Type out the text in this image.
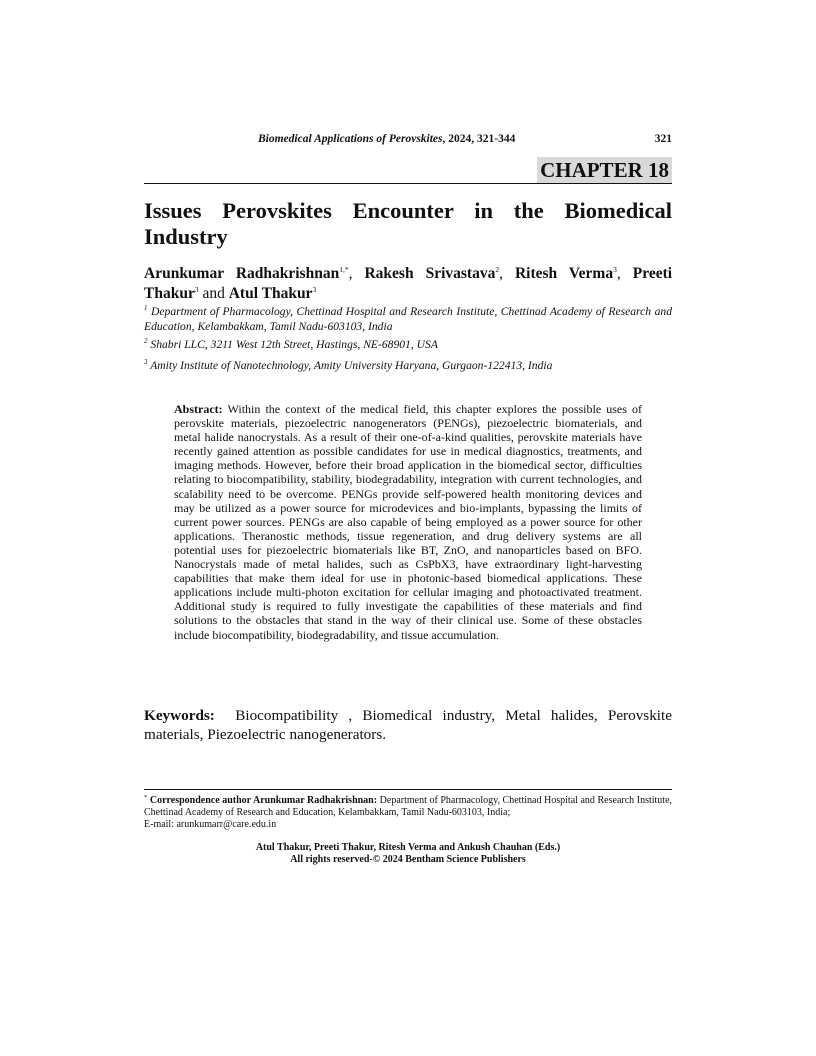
Biomedical Applications of Perovskites, 2024, 321-344	321
CHAPTER 18
Issues Perovskites Encounter in the Biomedical
Industry
Arunkumar Radhakrishnan$^{1,*}$, Rakesh Srivastava$^2$, Ritesh Verma$^3$, Preeti Thakur$^3$ and Atul Thakur$^3$
$^1$ Department of Pharmacology, Chettinad Hospital and Research Institute, Chettinad Academy of Research and Education, Kelambakkam, Tamil Nadu-603103, India
$^2$ Shabri LLC, 3211 West 12th Street, Hastings, NE-68901, USA
$^3$ Amity Institute of Nanotechnology, Amity University Haryana, Gurgaon-122413, India
Abstract: Within the context of the medical field, this chapter explores the possible uses of perovskite materials, piezoelectric nanogenerators (PENGs), piezoelectric biomaterials, and metal halide nanocrystals. As a result of their one-of-a-kind qualities, perovskite materials have recently gained attention as possible candidates for use in medical diagnostics, treatments, and imaging methods. However, before their broad application in the biomedical sector, difficulties relating to biocompatibility, stability, biodegradability, integration with current technologies, and scalability need to be overcome. PENGs provide self-powered health monitoring devices and may be utilized as a power source for microdevices and bio-implants, bypassing the limits of current power sources. PENGs are also capable of being employed as a power source for other applications. Theranostic methods, tissue regeneration, and drug delivery systems are all potential uses for piezoelectric biomaterials like BT, ZnO, and nanoparticles based on BFO. Nanocrystals made of metal halides, such as CsPbX3, have extraordinary light-harvesting capabilities that make them ideal for use in photonic-based biomedical applications. These applications include multi-photon excitation for cellular imaging and photoactivated treatment. Additional study is required to fully investigate the capabilities of these materials and find solutions to the obstacles that stand in the way of their clinical use. Some of these obstacles include biocompatibility, biodegradability, and tissue accumulation.
Keywords: Biocompatibility , Biomedical industry, Metal halides, Perovskite materials, Piezoelectric nanogenerators.
* Correspondence author Arunkumar Radhakrishnan: Department of Pharmacology, Chettinad Hospital and Research Institute, Chettinad Academy of Research and Education, Kelambakkam, Tamil Nadu-603103, India;
E-mail: arunkumarr@care.edu.in
Atul Thakur, Preeti Thakur, Ritesh Verma and Ankush Chauhan (Eds.)
All rights reserved-© 2024 Bentham Science Publishers
